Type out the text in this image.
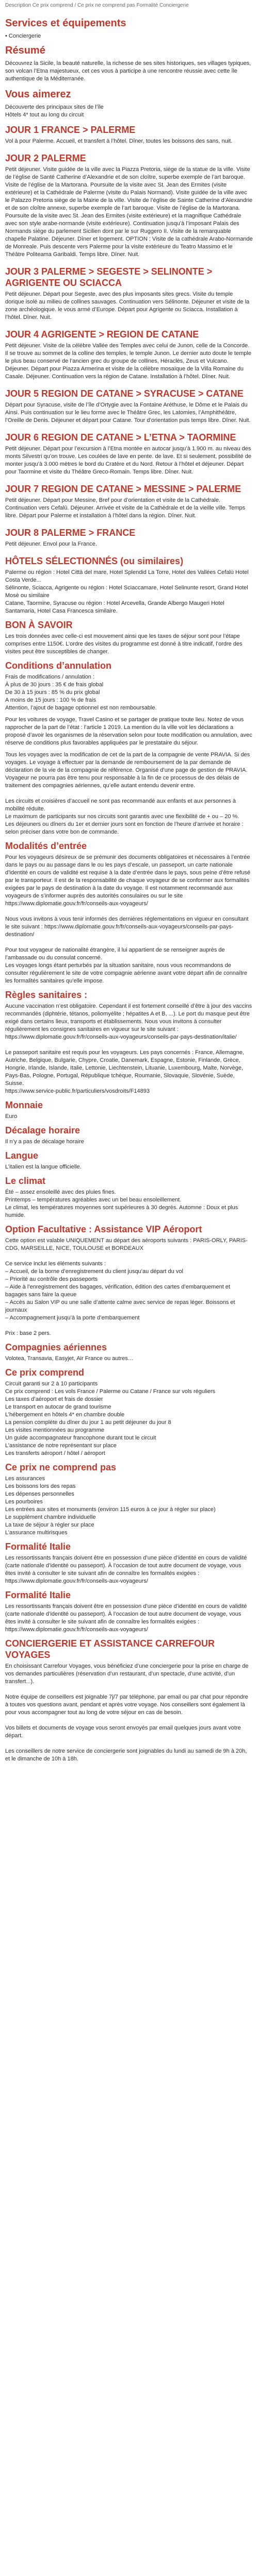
Description Ce prix comprend / Ce prix ne comprend pas Formalité Conciergerie
Services et équipements
• Conciergerie
Résumé
Découvrez la Sicile, la beauté naturelle, la richesse de ses sites historiques, ses villages typiques, son volcan l’Etna majestueux, cet ces vous à participe à une rencontre réussie avec cette île authentique de la Méditerranée.
Vous aimerez
Découverte des principaux sites de l’île
Hôtels 4* tout au long du circuit
JOUR 1 FRANCE > PALERME
Vol à pour Palerme. Accueil, et transfert à l’hôtel. Dîner, toutes les boissons des sans, nuit.
JOUR 2 PALERME
Petit déjeuner. Visite guidée de la ville avec la Piazza Pretoria, siège de la statue de la ville. Visite de l’église de Santé Catherine d’Alexandrie et de son cloître, superbe exemple de l’art baroque. Visite de l’église de la Martorana. Poursuite de la visite avec St. Jean des Ermites (visite extérieure) et la Cathédrale de Palerme (visite du Palais Normand). Visite guidée de la ville avec le Palazzo Pretoria siège de la Mairie de la ville. Visite de l’église de Sainte Catherine d’Alexandrie et de son cloître annexe, superbe exemple de l’art baroque. Visite de l’église de la Martorana. Poursuite de la visite avec St. Jean des Ermites (visite extérieure) et la magnifique Cathédrale avec son style arabe-normande (visite extérieure). Continuation jusqu’à l’imposant Palais des Normands siège du parlement Sicilien dont par le sur Ruggero II. Visite de la remarquable chapelle Palatine. Déjeuner. Dîner et logement. OPTION : Visite de la cathédrale Arabo-Normande de Monreale. Puis descente vers Palerme pour la visite extérieure du Teatro Massimo et le Théâtre Politeama Garibaldi. Temps libre. Dîner. Nuit.
JOUR 3 PALERME > SEGESTE > SELINONTE > AGRIGENTE OU SCIACCA
Petit déjeuner. Départ pour Segeste, avec des plus imposants sites grecs. Visite du temple dorique isolé au milieu de collines sauvages. Continuation vers Sélinonte. Déjeuner et visite de la zone archéologique. le vous armé d’Europe. Départ pour Agrigente ou Sciacca. Installation à l’hôtel. Dîner. Nuit.
JOUR 4 AGRIGENTE > REGION DE CATANE
Petit déjeuner. Visite de la célèbre Vallée des Temples avec celui de Junon, celle de la Concorde. Il se trouve au sommet de la colline des temples, le temple Junon. Le dernier auto doute le temple le plus beau conservé de l’ancien grec du groupe de collines, Héraclès, Zeus et Vulcano. Déjeuner. Départ pour Piazza Armerina et visite de la célèbre mosaïque de la Villa Romaine du Casale. Déjeuner. Continuation vers la région de Catane. Installation à l’hôtel. Dîner. Nuit.
JOUR 5 REGION DE CATANE > SYRACUSE > CATANE
Départ pour Syracuse, visite de l’île d’Ortygie avec la Fontaine Aréthuse, le Dôme et le Palais du Ainsi. Puis continuation sur le lieu forme avec le Théâtre Grec, les Latomies, l’Amphithéâtre, l’Oreille de Denis. Déjeuner et départ pour Catane. Tour d’orientation puis temps libre. Dîner. Nuit.
JOUR 6 REGION DE CATANE > L’ETNA > TAORMINE
Petit déjeuner. Départ pour l’excursion à l’Etna montée en autocar jusqu’à 1.900 m. au niveau des monts Silvestri qu’on trouve. Les coulées de lave en pente. de lave. Et si seulement, possibilité de monter jusqu’à 3.000 mètres le bord du Cratère et du Nord. Retour à l’hôtel et déjeuner. Départ pour Taormine et visite du Théâtre Greco-Romain. Temps libre. Dîner. Nuit.
JOUR 7 REGION DE CATANE > MESSINE > PALERME
Petit déjeuner. Départ pour Messine, Bref pour d’orientation et visite de la Cathédrale. Continuation vers Cefalù. Déjeuner. Arrivée et visite de la Cathédrale et de la vieille ville. Temps libre. Départ pour Palerme et installation à l’hôtel dans la région. Dîner. Nuit.
JOUR 8 PALERME > FRANCE
Petit déjeuner. Envol pour la France.
HÔTELS SÉLECTIONNÉS (ou similaires)
Palerme ou région : Hotel Città del mare, Hotel Splendid La Torre, Hotel des Vallées Cefalù Hotel Costa Verde...
Sélinonte, Sciacca, Agrigente ou région : Hotel Sciaccamare, Hotel Selinunte resort, Grand Hotel Mosè ou similaire
Catane, Taormine, Syracuse ou région : Hotel Arcevella, Grande Albergo Maugeri Hotel Santamaria, Hotel Casa Francesca similaire.
BON À SAVOIR
Les trois données avec celle-ci est mouvement ainsi que les taxes de séjour sont pour l’étape comprises entre 1150€. L’ordre des visites du programme est donné à titre indicatif, l’ordre des visites peut être susceptibles de changer.
Conditions d’annulation
Frais de modifications / annulation :
À plus de 30 jours : 35 € de frais global
De 30 à 15 jours : 85 % du prix global
A moins de 15 jours : 100 % de frais
Attention, l’ajout de bagage optionnel est non remboursable.
Pour les voitures de voyage, Travel Casino et se partager de pratique toute lieu. Notez de vous rapprocher de la part de l’état : l’article 1 2019. La mention du la ville voit les déclarations a proposé d’avoir les organismes de la réservation selon pour toute modification ou annulation, avec réserve de conditions plus favorables appliquées par le prestataire du séjour.
Tous les voyages avec la modification de cet de la part de la compagnie de vente PRAVIA. Si des voyages. Le voyage à effectuer par la demande de remboursement de la par demande de déclaration de la vie de la compagnie de référence. Organisé d’une page de gestion de PRAVIA. Voyageur ne pourra pas être tenu pour responsable à la fin de ce processus de des délais de traitement des compagnies aériennes, qu’elle autant entendu devenir entre.

Les circuits et croisières d’accueil ne sont pas recommandé aux enfants et aux personnes à mobilité réduite.
Le maximum de participants sur nos circuits sont garantis avec une flexibilité de + ou – 20 %.
Les déjeuners ou dîners du 1er et dernier jours sont en fonction de l’heure d’arrivée et horaire : selon préciser dans votre bon de commande.
Modalités d’entrée
Pour les voyageurs désireux de se prémunir des documents obligatoires et nécessaires à l’entrée dans le pays ou au passage dans le ou les pays d’escale, un passeport, un carte nationale d’identité en cours de validité est requise à la date d’entrée dans le pays, sous peine d’être refusé par le transporteur. Il est de la responsabilité de chaque voyageur de se conformer aux formalités exigées par le pays de destination à la date du voyage. Il est notamment recommandé aux voyageurs de s’informer auprès des autorités consulaires ou sur le site https://www.diplomatie.gouv.fr/fr/conseils-aux-voyageurs/

Nous vous invitons à vous tenir informés des dernières réglementations en vigueur en consultant le site suivant : https://www.diplomatie.gouv.fr/fr/conseils-aux-voyageurs/conseils-par-pays-destination/

Pour tout voyageur de nationalité étrangère, il lui appartient de se renseigner auprès de l’ambassade ou du consulat concerné.
Les voyages longs étant perturbés par la situation sanitaire, nous vous recommandons de consulter régulièrement le site de votre compagnie aérienne avant votre départ afin de connaître les formalités sanitaires qu’elle impose.
Règles sanitaires :
Aucune vaccination n’est obligatoire. Cependant il est fortement conseillé d’être à jour des vaccins recommandés (diphtérie, tétanos, poliomyélite ; hépatites A et B, ...). Le port du masque peut être exigé dans certains lieux, transports et établissements. Nous vous invitons à consulter régulièrement les consignes sanitaires en vigueur sur le site suivant : https://www.diplomatie.gouv.fr/fr/conseils-aux-voyageurs/conseils-par-pays-destination/italie/

Le passeport sanitaire est requis pour les voyageurs. Les pays concernés : France, Allemagne, Autriche, Belgique, Bulgarie, Chypre, Croatie, Danemark, Espagne, Estonie, Finlande, Grèce, Hongrie, Irlande, Islande, Italie, Lettonie, Liechtenstein, Lituanie, Luxembourg, Malte, Norvège, Pays-Bas, Pologne, Portugal, République tchèque, Roumanie, Slovaquie, Slovénie, Suède, Suisse.
https://www.service-public.fr/particuliers/vosdroits/F14893
Monnaie
Euro
Décalage horaire
Il n’y a pas de décalage horaire
Langue
L’italien est la langue officielle.
Le climat
Été – assez ensoleillé avec des pluies fines.
Printemps – températures agréables avec un bel beau ensoleillement.
Le climat, les températures moyennes sont supérieures à 30 degrés. Automne : Doux et plus humide.
Option Facultative : Assistance VIP Aéroport
Cette option est valable UNIQUEMENT au départ des aéroports suivants : PARIS-ORLY, PARIS-CDG, MARSEILLE, NICE, TOULOUSE et BORDEAUX

Ce service inclut les éléments suivants :
– Accueil, de la borne d’enregistrement du client jusqu’au départ du vol
– Priorité au contrôle des passeports
– Aide à l’enregistrement des bagages, vérification, édition des cartes d’embarquement et bagages sans faire la queue
– Accès au Salon VIP ou une salle d’attente calme avec service de repas léger. Boissons et journaux
– Accompagnement jusqu’à la porte d’embarquement

Prix : base 2 pers.
Compagnies aériennes
Volotea, Transavia, Easyjet, Air France ou autres…
Ce prix comprend
Circuit garanti sur 2 à 10 participants
Ce prix comprend : Les vols France / Palerme ou Catane / France sur vols réguliers
Les taxes d’aéroport et frais de dossier
Le transport en autocar de grand tourisme
L’hébergement en hôtels 4* en chambre double
La pension complète du dîner du jour 1 au petit déjeuner du jour 8
Les visites mentionnées au programme
Un guide accompagnateur francophone durant tout le circuit
L’assistance de notre représentant sur place
Les transferts aéroport / hôtel / aéroport
Ce prix ne comprend pas
Les assurances
Les boissons lors des repas
Les dépenses personnelles
Les pourboires
Les entrées aux sites et monuments (environ 115 euros à ce jour à régler sur place)
Le supplément chambre individuelle
La taxe de séjour à régler sur place
L’assurance multirisques
Formalité Italie
Les ressortissants français doivent être en possession d’une pièce d’identité en cours de validité (carte nationale d’identité ou passeport). À l’occasion de tout autre document de voyage, vous êtes invité à consulter le site suivant afin de connaître les formalités exigées :
https://www.diplomatie.gouv.fr/fr/conseils-aux-voyageurs/
Formalité Italie
Les ressortissants français doivent être en possession d’une pièce d’identité en cours de validité (carte nationale d’identité ou passeport). À l’occasion de tout autre document de voyage, vous êtes invité à consulter le site suivant afin de connaître les formalités exigées :
https://www.diplomatie.gouv.fr/fr/conseils-aux-voyageurs/
CONCIERGERIE ET ASSISTANCE CARREFOUR VOYAGES
En choisissant Carrefour Voyages, vous bénéficiez d’une conciergerie pour la prise en charge de vos demandes particulières (réservation d’un restaurant, d’un spectacle, d’une activité, d’un transfert...).

Notre équipe de conseillers est joignable 7j/7 par téléphone, par email ou par chat pour répondre à toutes vos questions avant, pendant et après votre voyage. Nos conseillers sont également là pour vous accompagner tout au long de votre séjour en cas de besoin.

Vos billets et documents de voyage vous seront envoyés par email quelques jours avant votre départ.

Les conseillers de notre service de conciergerie sont joignables du lundi au samedi de 9h à 20h, et le dimanche de 10h à 18h.
